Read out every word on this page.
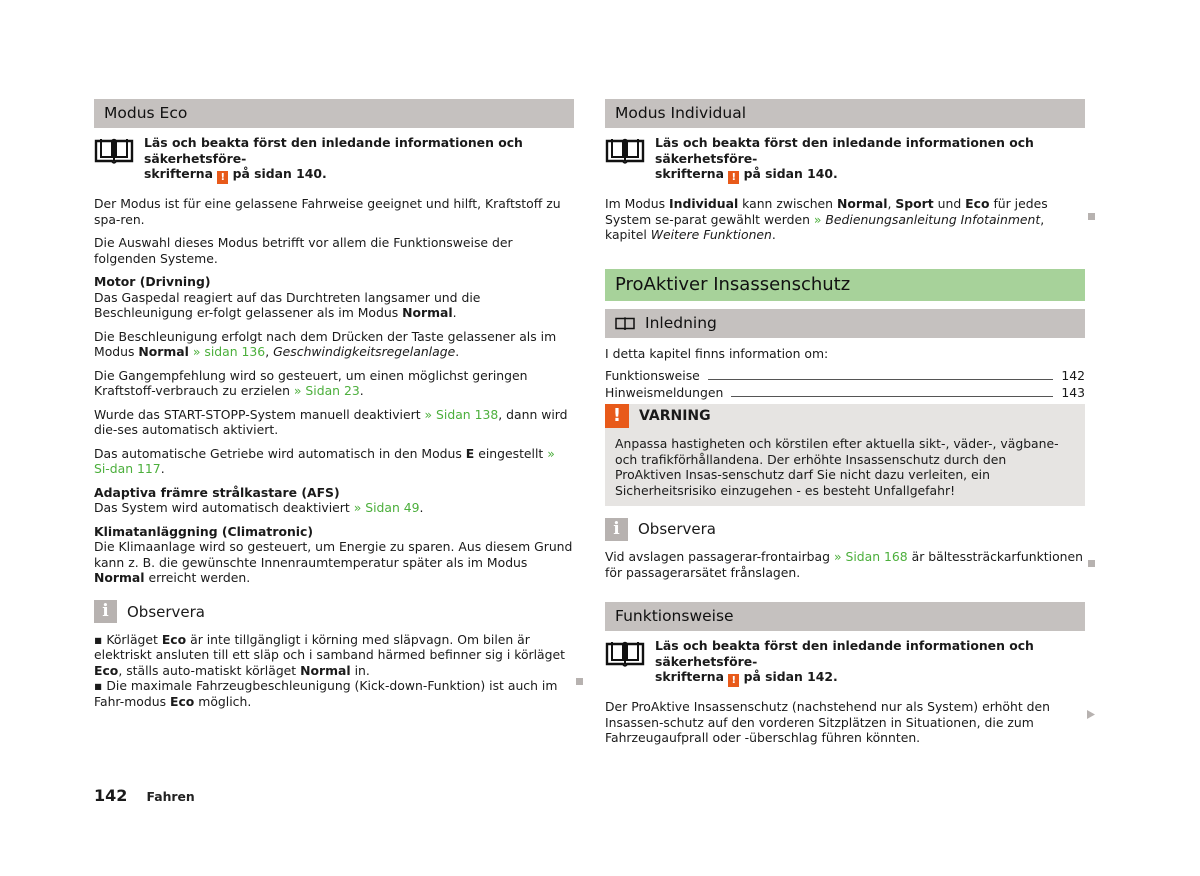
Modus Eco
Läs och beakta först den inledande informationen och säkerhetsföre-
skrifterna ! på sidan 140.

Der Modus ist für eine gelassene Fahrweise geeignet und hilft, Kraftstoff zu spa-ren.

Die Auswahl dieses Modus betrifft vor allem die Funktionsweise der folgenden Systeme.

Motor (Drivning)
Das Gaspedal reagiert auf das Durchtreten langsamer und die Beschleunigung er-folgt gelassener als im Modus Normal.

Die Beschleunigung erfolgt nach dem Drücken der Taste gelassener als im Modus Normal » sidan 136, Geschwindigkeitsregelanlage.

Die Gangempfehlung wird so gesteuert, um einen möglichst geringen Kraftstoff-verbrauch zu erzielen » Sidan 23.

Wurde das START-STOPP-System manuell deaktiviert » Sidan 138, dann wird die-ses automatisch aktiviert.

Das automatische Getriebe wird automatisch in den Modus E eingestellt » Si-dan 117.

Adaptiva främre strålkastare (AFS)
Das System wird automatisch deaktiviert » Sidan 49.
Klimatanläggning (Climatronic)
Die Klimaanlage wird so gesteuert, um Energie zu sparen. Aus diesem Grund kann z. B. die gewünschte Innenraumtemperatur später als im Modus Normal erreicht werden.
i	Observera

▪ Körläget Eco är inte tillgängligt i körning med släpvagn. Om bilen är elektriskt ansluten till ett släp och i samband härmed befinner sig i körläget Eco, ställs auto-matiskt körläget Normal in.

▪ Die maximale Fahrzeugbeschleunigung (Kick-down-Funktion) ist auch im Fahr-modus Eco möglich.

Modus Individual
Läs och beakta först den inledande informationen och säkerhetsföre-
skrifterna ! på sidan 140.

Im Modus Individual kann zwischen Normal, Sport und Eco für jedes System se-parat gewählt werden » Bedienungsanleitung Infotainment, kapitel Weitere Funktionen.

ProAktiver Insassenschutz
Inledning

I detta kapitel finns information om:

Funktionsweise	142
Hinweismeldungen	143
!	VARNING

Anpassa hastigheten och körstilen efter aktuella sikt-, väder-, vägbane- och trafikförhållandena. Der erhöhte Insassenschutz durch den ProAktiven Insas-senschutz darf Sie nicht dazu verleiten, ein Sicherheitsrisiko einzugehen - es besteht Unfallgefahr!

i	Observera

Vid avslagen passagerar-frontairbag » Sidan 168 är bältessträckarfunktionen för passagerarsätet frånslagen.

Funktionsweise
Läs och beakta först den inledande informationen och säkerhetsföre-
skrifterna ! på sidan 142.

Der ProAktive Insassenschutz (nachstehend nur als System) erhöht den Insassen-schutz auf den vorderen Sitzplätzen in Situationen, die zum Fahrzeugaufprall oder -überschlag führen könnten.

142 Fahren
